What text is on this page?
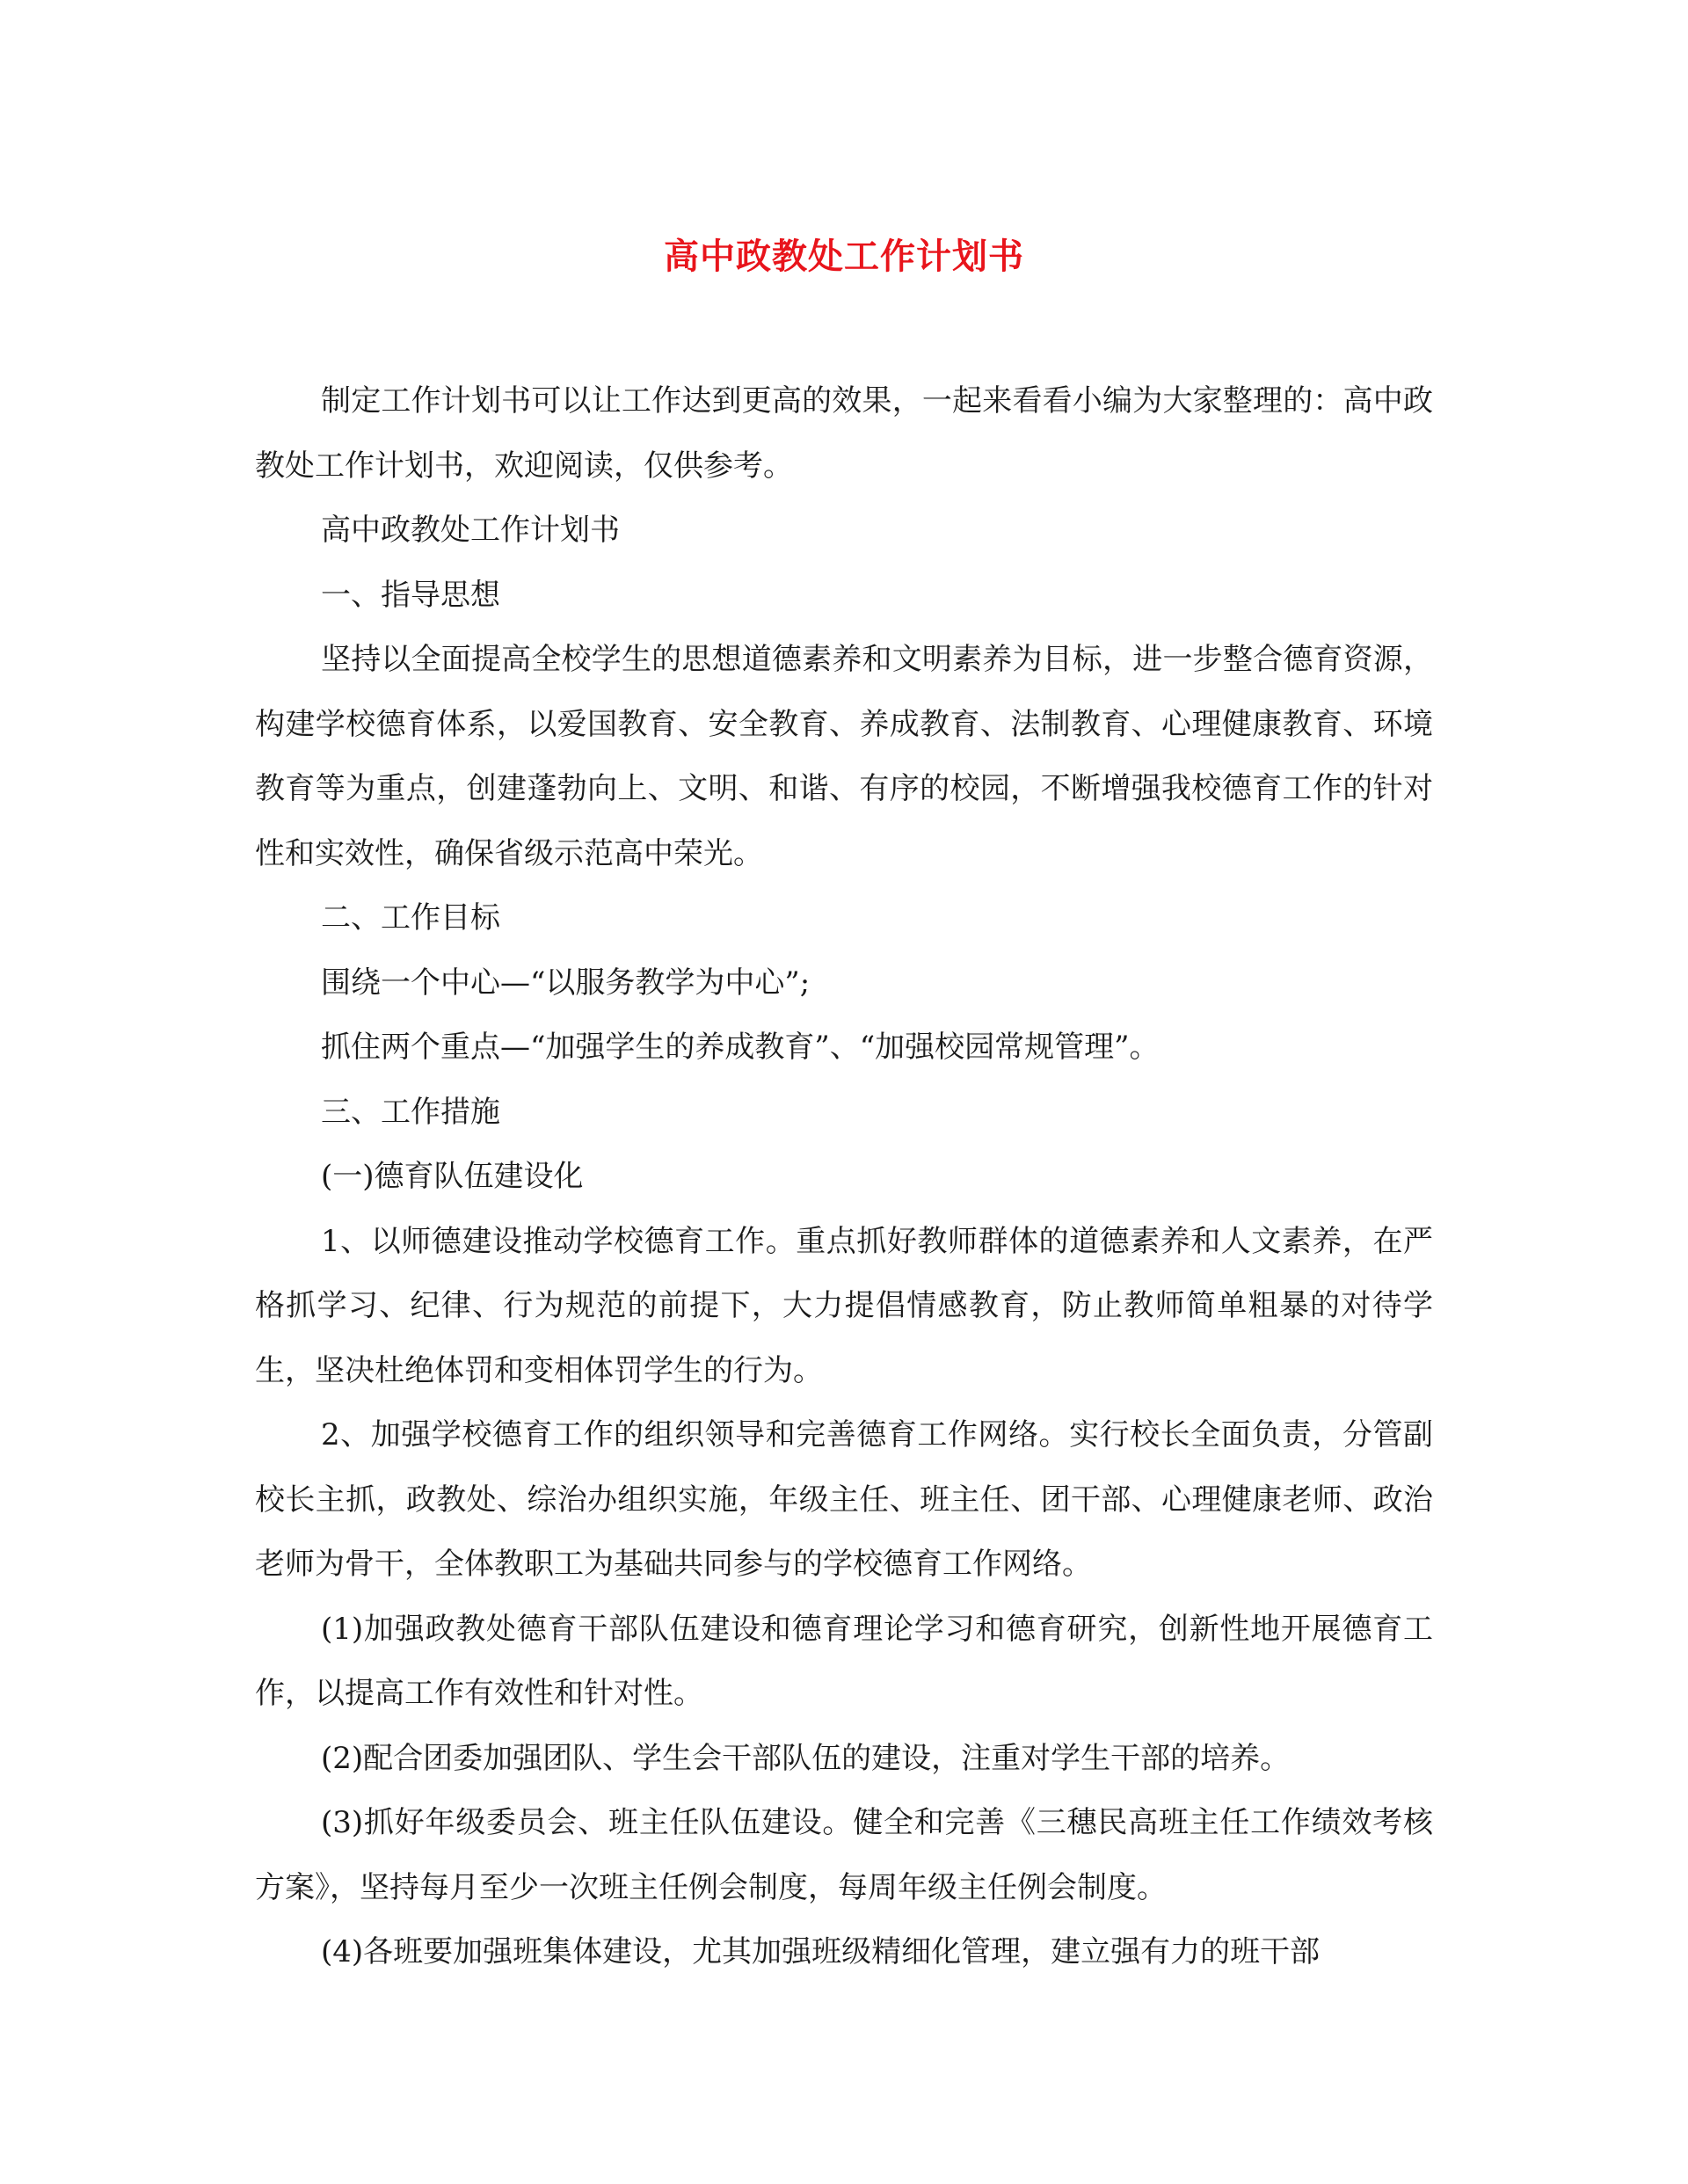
高中政教处工作计划书

制定工作计划书可以让工作达到更高的效果，一起来看看小编为大家整理的：高中政教处工作计划书，欢迎阅读，仅供参考。

高中政教处工作计划书

一、指导思想

坚持以全面提高全校学生的思想道德素养和文明素养为目标，进一步整合德育资源，构建学校德育体系，以爱国教育、安全教育、养成教育、法制教育、心理健康教育、环境教育等为重点，创建蓬勃向上、文明、和谐、有序的校园，不断增强我校德育工作的针对性和实效性，确保省级示范高中荣光。

二、工作目标

围绕一个中心—“以服务教学为中心”;

抓住两个重点—“加强学生的养成教育”、“加强校园常规管理”。

三、工作措施

(一)德育队伍建设化

1、以师德建设推动学校德育工作。重点抓好教师群体的道德素养和人文素养，在严格抓学习、纪律、行为规范的前提下，大力提倡情感教育，防止教师简单粗暴的对待学生，坚决杜绝体罚和变相体罚学生的行为。

2、加强学校德育工作的组织领导和完善德育工作网络。实行校长全面负责，分管副校长主抓，政教处、综治办组织实施，年级主任、班主任、团干部、心理健康老师、政治老师为骨干，全体教职工为基础共同参与的学校德育工作网络。

(1)加强政教处德育干部队伍建设和德育理论学习和德育研究，创新性地开展德育工作，以提高工作有效性和针对性。

(2)配合团委加强团队、学生会干部队伍的建设，注重对学生干部的培养。

(3)抓好年级委员会、班主任队伍建设。健全和完善《三穗民高班主任工作绩效考核方案》，坚持每月至少一次班主任例会制度，每周年级主任例会制度。

(4)各班要加强班集体建设，尤其加强班级精细化管理，建立强有力的班干部
